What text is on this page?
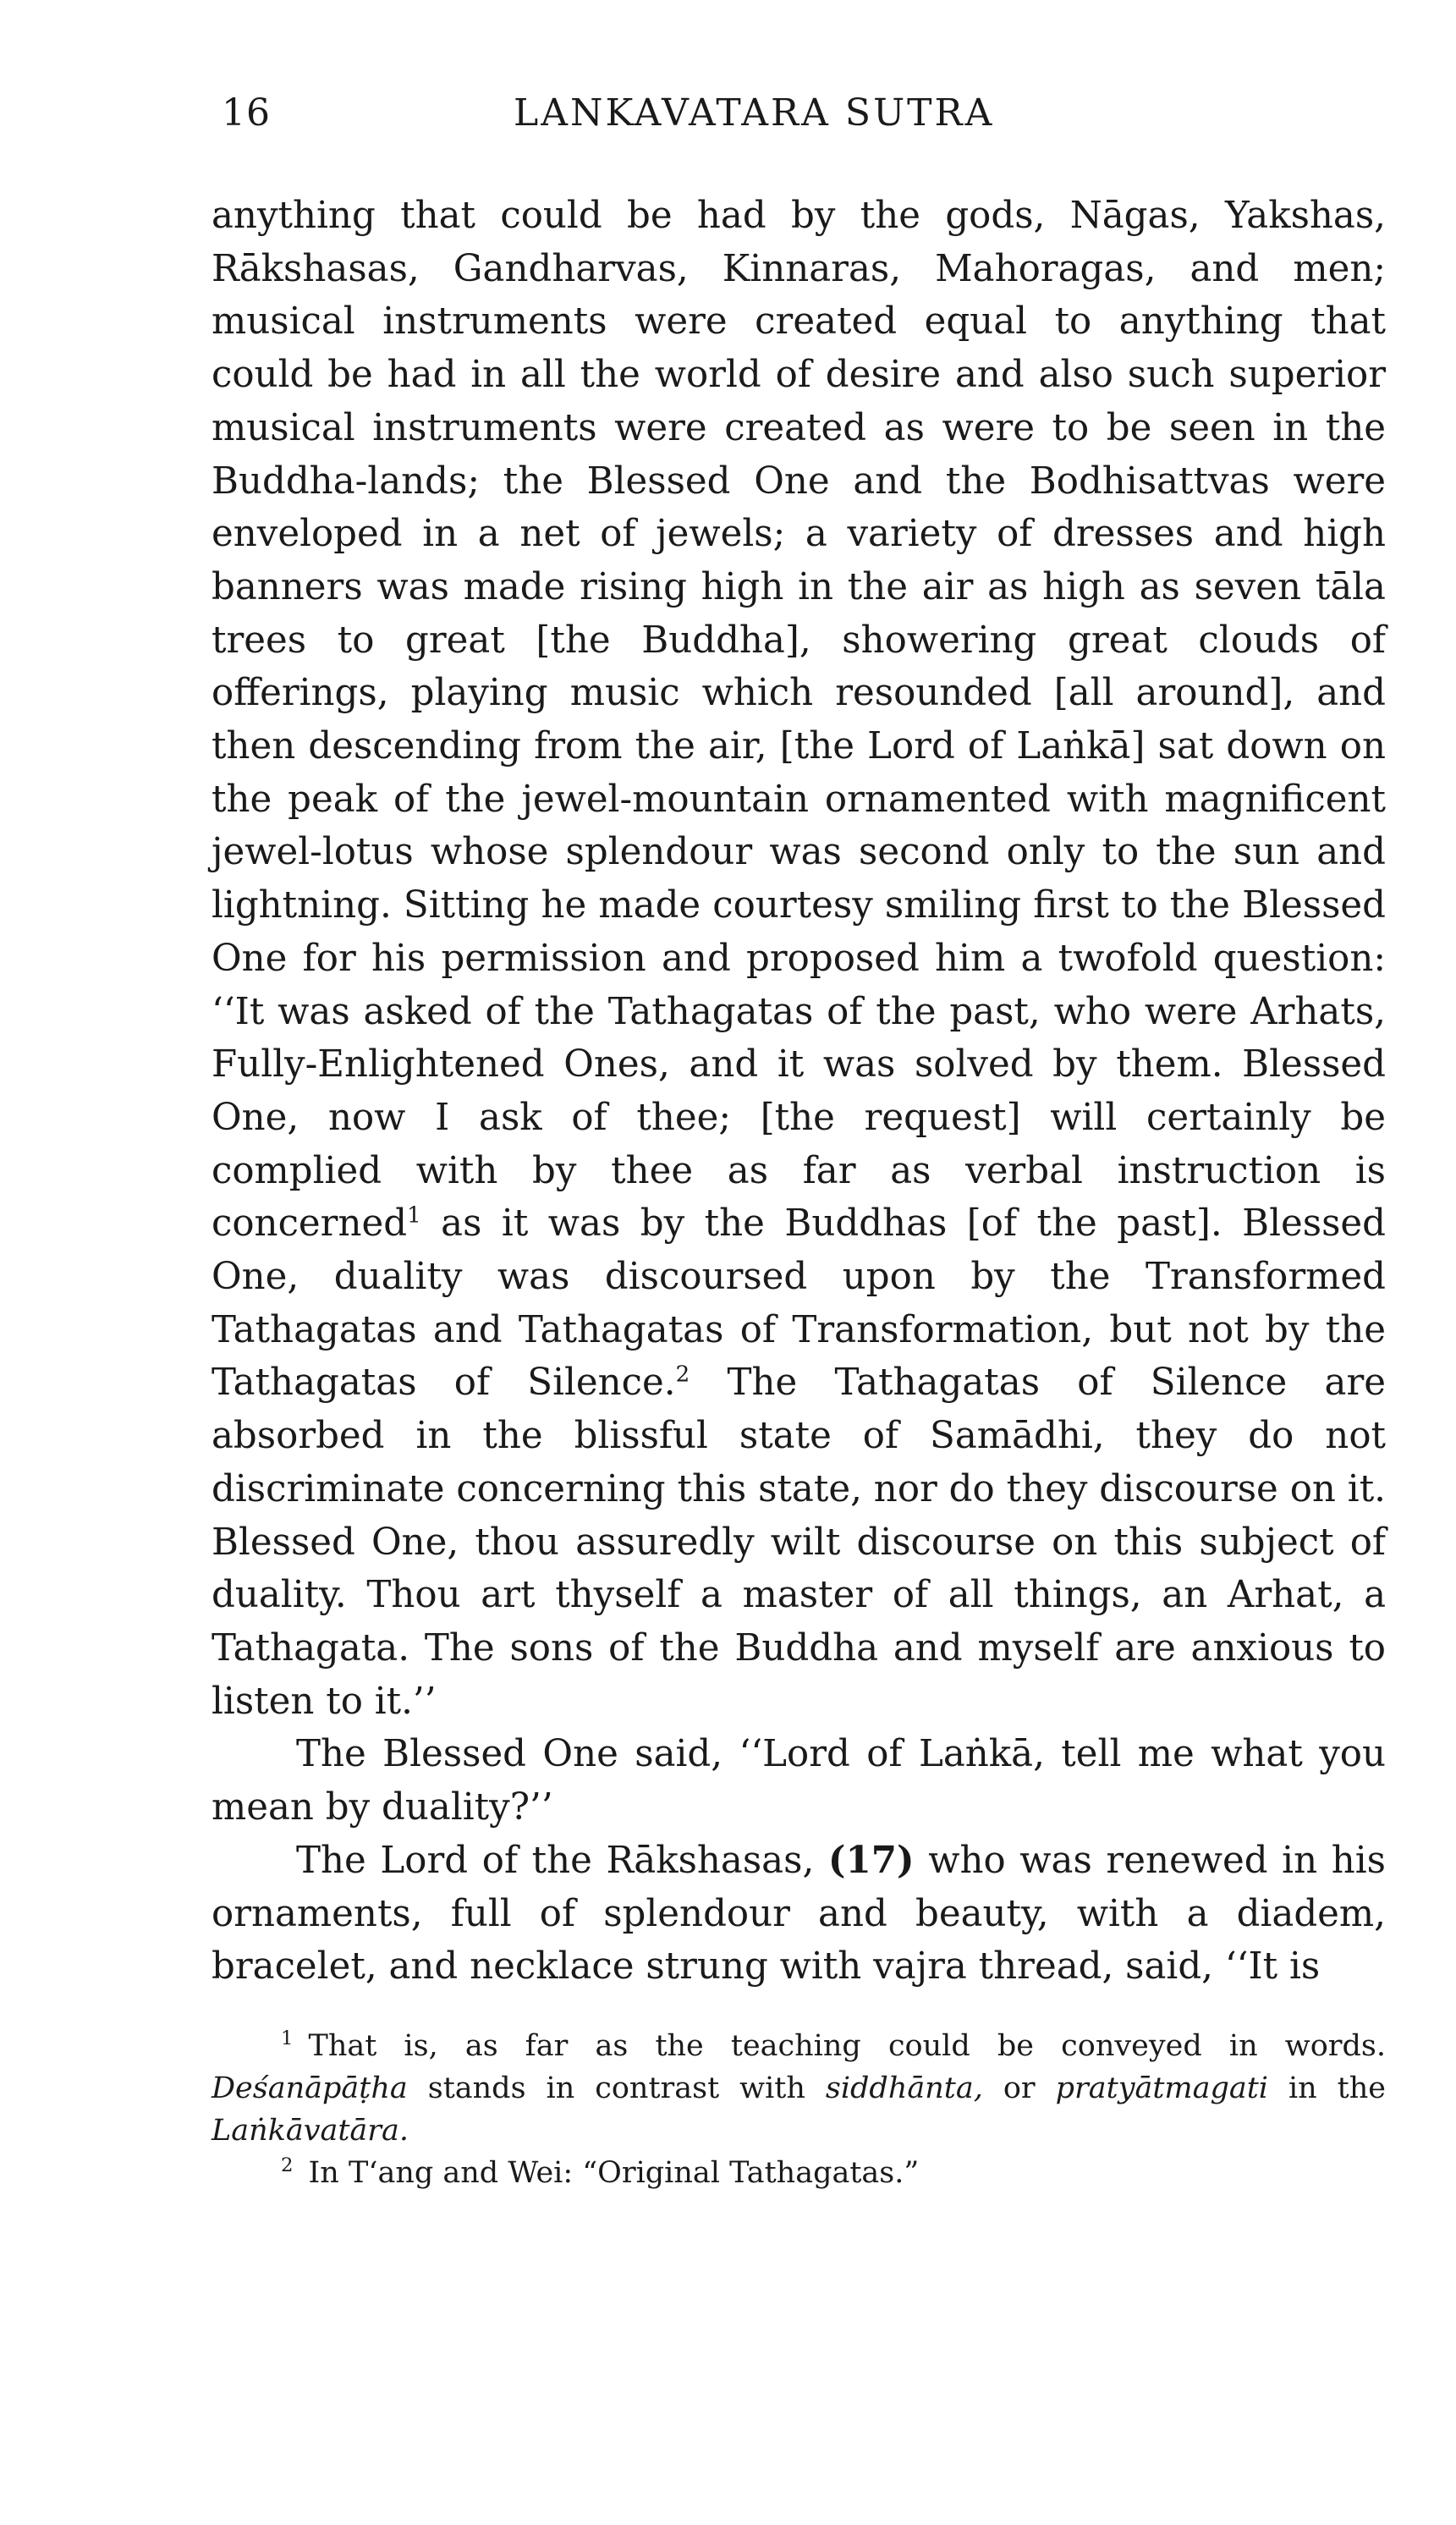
16	LANKAVATARA SUTRA

anything that could be had by the gods, Nāgas, Yakshas, Rākshasas, Gandharvas, Kinnaras, Mahoragas, and men; musical instruments were created equal to anything that could be had in all the world of desire and also such superior musical instruments were created as were to be seen in the Buddha-lands; the Blessed One and the Bodhisattvas were enveloped in a net of jewels; a variety of dresses and high banners was made rising high in the air as high as seven tāla trees to great [the Buddha], showering great clouds of offerings, playing music which resounded [all around], and then descending from the air, [the Lord of Laṅkā] sat down on the peak of the jewel-mountain ornamented with magnificent jewel-lotus whose splendour was second only to the sun and lightning. Sitting he made courtesy smiling first to the Blessed One for his permission and proposed him a twofold question: ‘‘It was asked of the Tathagatas of the past, who were Arhats, Fully-Enlightened Ones, and it was solved by them. Blessed One, now I ask of thee; [the request] will certainly be complied with by thee as far as verbal instruction is concerned$^1$ as it was by the Buddhas [of the past]. Blessed One, duality was discoursed upon by the Transformed Tathagatas and Tathagatas of Transformation, but not by the Tathagatas of Silence.$^2$ The Tathagatas of Silence are absorbed in the blissful state of Samādhi, they do not discriminate concerning this state, nor do they discourse on it. Blessed One, thou assuredly wilt discourse on this subject of duality. Thou art thyself a master of all things, an Arhat, a Tathagata. The sons of the Buddha and myself are anxious to listen to it.’’

The Blessed One said, ‘‘Lord of Laṅkā, tell me what you mean by duality?’’

The Lord of the Rākshasas, (17) who was renewed in his ornaments, full of splendour and beauty, with a diadem, bracelet, and necklace strung with vajra thread, said, ‘‘It is

$^1$ That is, as far as the teaching could be conveyed in words. Deśanāpāṭha stands in contrast with siddhānta, or pratyātmagati in the Laṅkāvatāra.

$^2$ In T‘ang and Wei: “Original Tathagatas.”
